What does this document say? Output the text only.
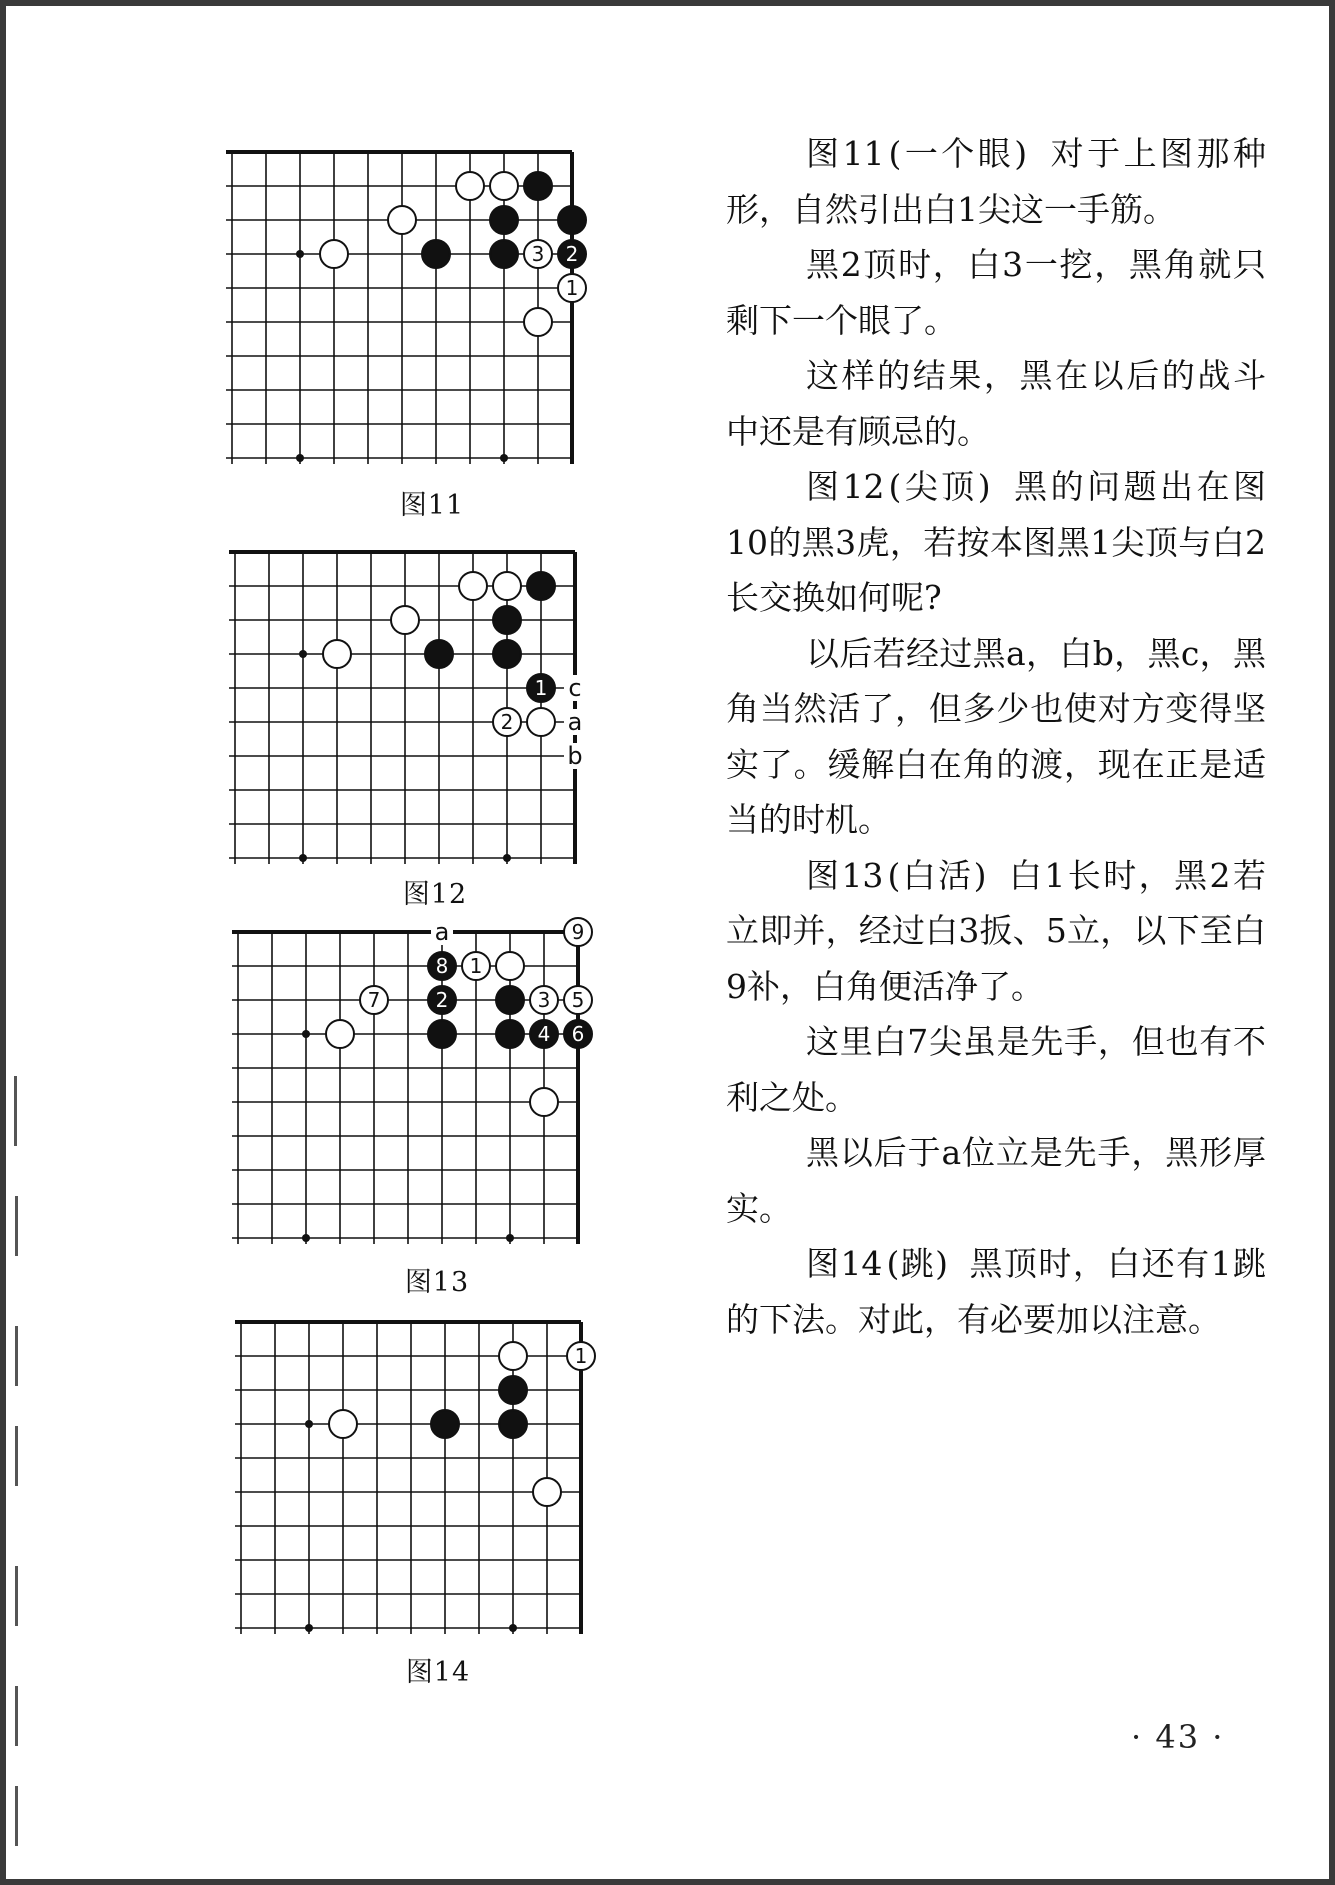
3 2
1
图11
1
2
c
a
b
图12
8 1
7	2	3 5
4 6
9
a
图13
1
图14

图11 (一个眼) 对于上图那种形，自然引出白1尖这一手筋。

黑2顶时，白3一挖，黑角就只剩下一个眼了。

这样的结果，黑在以后的战斗中还是有顾忌的。

图12 (尖顶) 黑的问题出在图10的黑3虎，若按本图黑1尖顶与白2长交换如何呢?

以后若经过黑a，白b，黑c，黑角当然活了，但多少也使对方变得坚实了。缓解白在角的渡，现在正是适当的时机。

图13 (白活) 白1长时，黑2若立即并，经过白3扳、5立，以下至白9补，白角便活净了。

这里白7尖虽是先手，但也有不利之处。

黑以后于a位立是先手，黑形厚实。

图14 (跳) 黑顶时，白还有1跳的下法。对此，有必要加以注意。

· 43 ·
